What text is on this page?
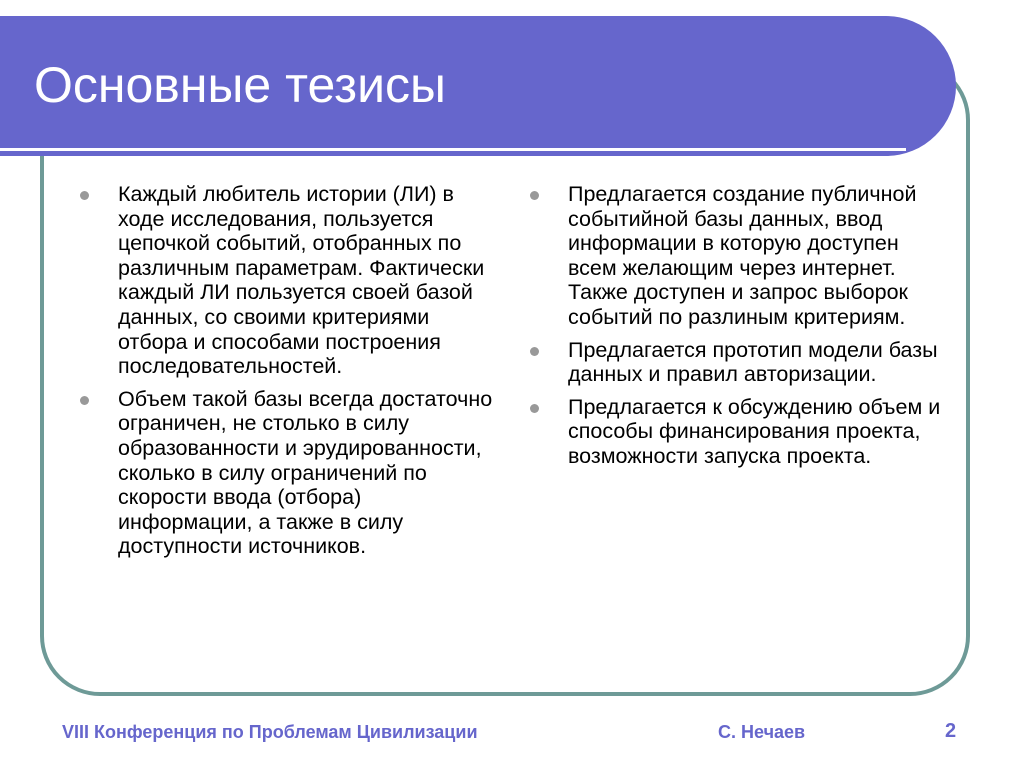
Основные тезисы
Каждый любитель истории (ЛИ) в ходе исследования, пользуется цепочкой событий, отобранных по различным параметрам. Фактически каждый ЛИ пользуется своей базой данных, со своими критериями отбора и способами построения последовательностей.
Объем такой базы всегда достаточно ограничен, не столько в силу образованности и эрудированности, сколько в силу ограничений по скорости ввода (отбора) информации, а также в силу доступности источников.
Предлагается создание публичной событийной базы данных, ввод информации в которую доступен всем желающим через интернет. Также доступен и запрос выборок событий по разлиным критериям.
Предлагается прототип модели базы данных и правил авторизации.
Предлагается к обсуждению объем и способы финансирования проекта, возможности запуска проекта.
VIII Конференция по Проблемам Цивилизации	С. Нечаев	2
